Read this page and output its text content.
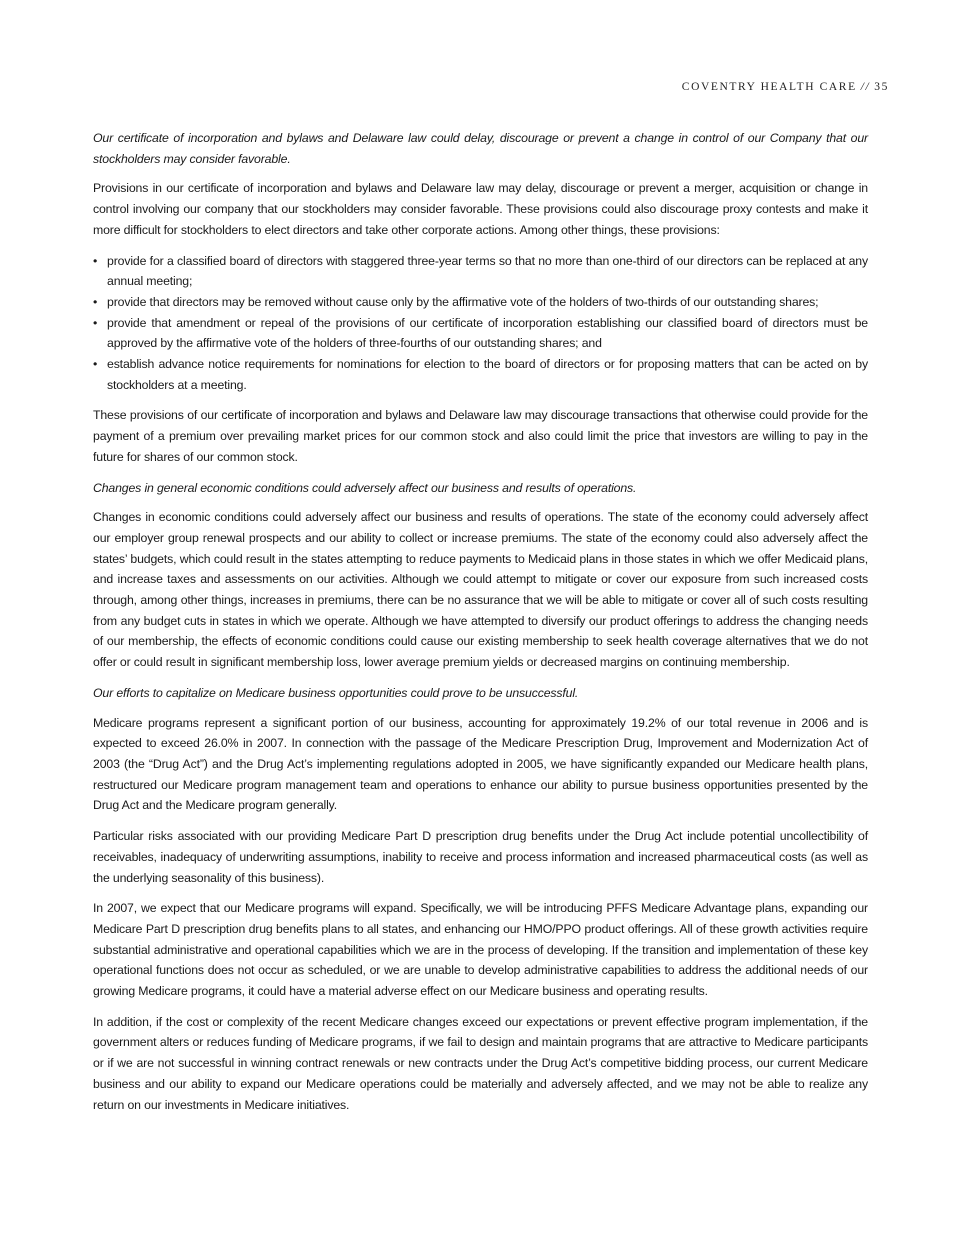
COVENTRY HEALTH CARE // 35

Our certificate of incorporation and bylaws and Delaware law could delay, discourage or prevent a change in control of our Company that our stockholders may consider favorable.

Provisions in our certificate of incorporation and bylaws and Delaware law may delay, discourage or prevent a merger, acquisition or change in control involving our company that our stockholders may consider favorable. These provisions could also discourage proxy contests and make it more difficult for stockholders to elect directors and take other corporate actions. Among other things, these provisions:

• provide for a classified board of directors with staggered three-year terms so that no more than one-third of our directors can be replaced at any annual meeting;
• provide that directors may be removed without cause only by the affirmative vote of the holders of two-thirds of our outstanding shares;
• provide that amendment or repeal of the provisions of our certificate of incorporation establishing our classified board of directors must be approved by the affirmative vote of the holders of three-fourths of our outstanding shares; and
• establish advance notice requirements for nominations for election to the board of directors or for proposing matters that can be acted on by stockholders at a meeting.

These provisions of our certificate of incorporation and bylaws and Delaware law may discourage transactions that otherwise could provide for the payment of a premium over prevailing market prices for our common stock and also could limit the price that investors are willing to pay in the future for shares of our common stock.

Changes in general economic conditions could adversely affect our business and results of operations.

Changes in economic conditions could adversely affect our business and results of operations. The state of the economy could adversely affect our employer group renewal prospects and our ability to collect or increase premiums. The state of the economy could also adversely affect the states’ budgets, which could result in the states attempting to reduce payments to Medicaid plans in those states in which we offer Medicaid plans, and increase taxes and assessments on our activities. Although we could attempt to mitigate or cover our exposure from such increased costs through, among other things, increases in premiums, there can be no assurance that we will be able to mitigate or cover all of such costs resulting from any budget cuts in states in which we operate. Although we have attempted to diversify our product offerings to address the changing needs of our membership, the effects of economic conditions could cause our existing membership to seek health coverage alternatives that we do not offer or could result in significant membership loss, lower average premium yields or decreased margins on continuing membership.

Our efforts to capitalize on Medicare business opportunities could prove to be unsuccessful.

Medicare programs represent a significant portion of our business, accounting for approximately 19.2% of our total revenue in 2006 and is expected to exceed 26.0% in 2007. In connection with the passage of the Medicare Prescription Drug, Improvement and Modernization Act of 2003 (the “Drug Act”) and the Drug Act’s implementing regulations adopted in 2005, we have significantly expanded our Medicare health plans, restructured our Medicare program management team and operations to enhance our ability to pursue business opportunities presented by the Drug Act and the Medicare program generally.

Particular risks associated with our providing Medicare Part D prescription drug benefits under the Drug Act include potential uncollectibility of receivables, inadequacy of underwriting assumptions, inability to receive and process information and increased pharmaceutical costs (as well as the underlying seasonality of this business).

In 2007, we expect that our Medicare programs will expand. Specifically, we will be introducing PFFS Medicare Advantage plans, expanding our Medicare Part D prescription drug benefits plans to all states, and enhancing our HMO/PPO product offerings. All of these growth activities require substantial administrative and operational capabilities which we are in the process of developing. If the transition and implementation of these key operational functions does not occur as scheduled, or we are unable to develop administrative capabilities to address the additional needs of our growing Medicare programs, it could have a material adverse effect on our Medicare business and operating results.

In addition, if the cost or complexity of the recent Medicare changes exceed our expectations or prevent effective program implementation, if the government alters or reduces funding of Medicare programs, if we fail to design and maintain programs that are attractive to Medicare participants or if we are not successful in winning contract renewals or new contracts under the Drug Act’s competitive bidding process, our current Medicare business and our ability to expand our Medicare operations could be materially and adversely affected, and we may not be able to realize any return on our investments in Medicare initiatives.
